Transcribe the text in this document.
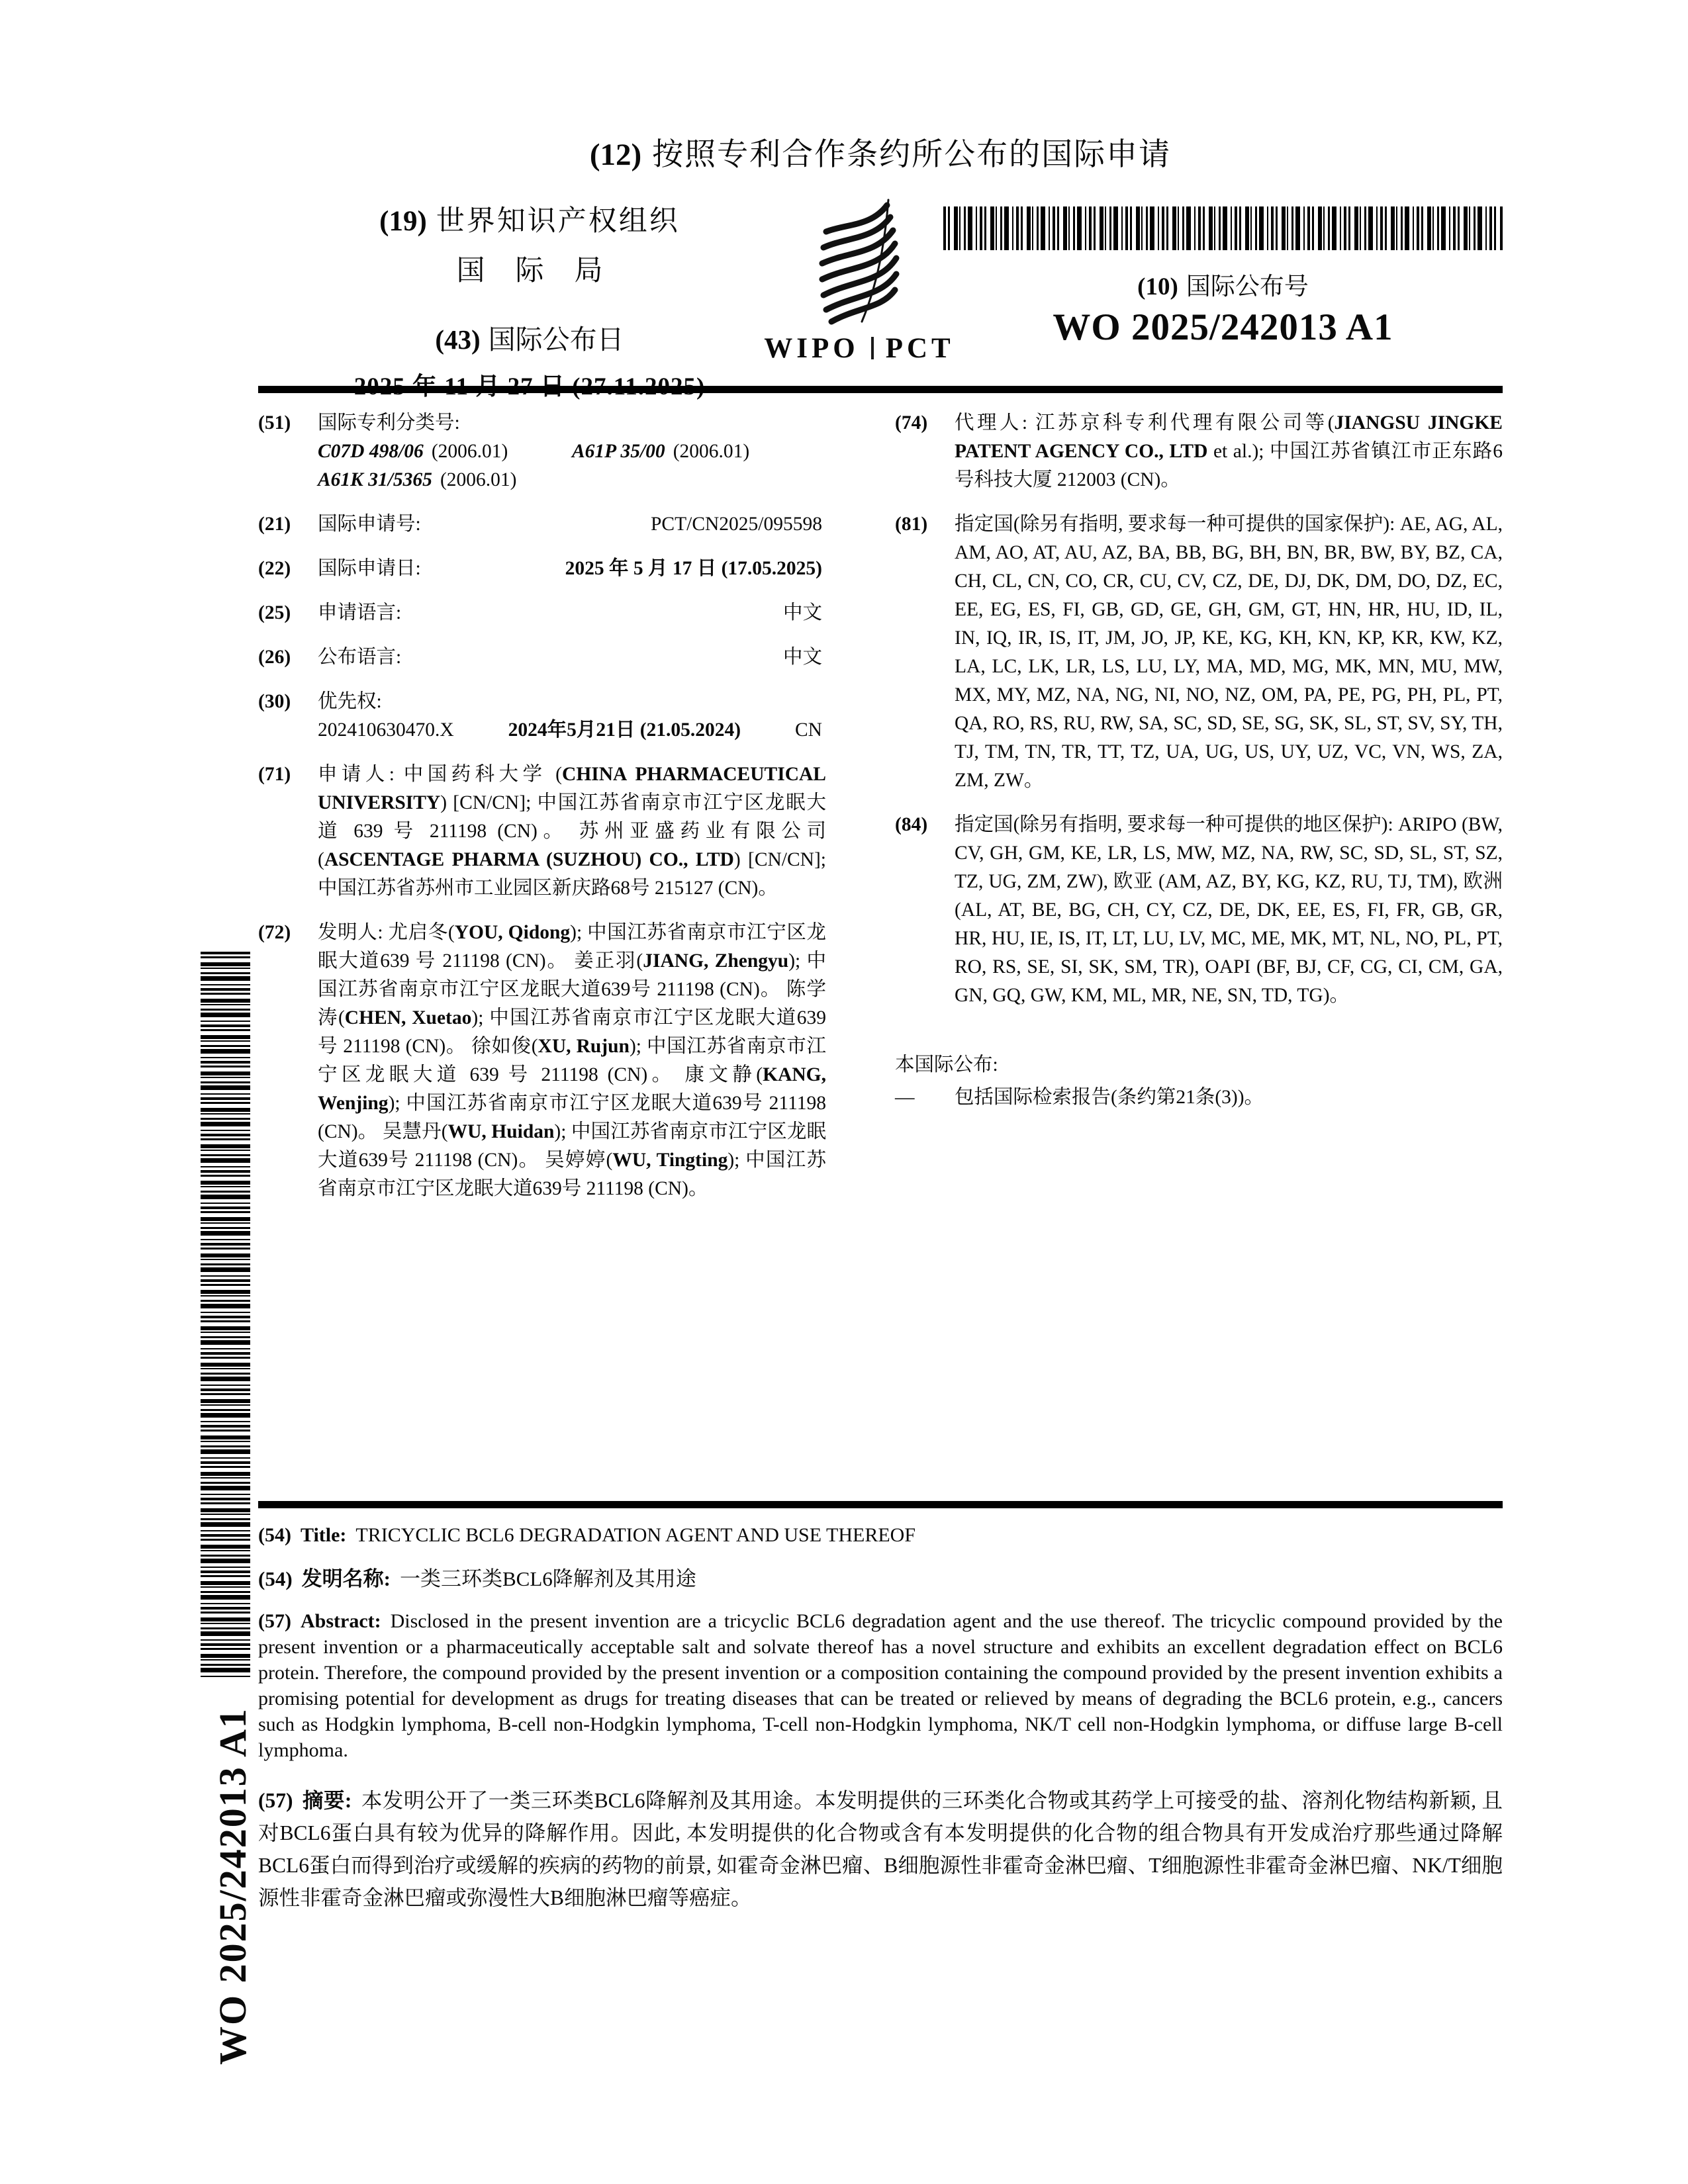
(12) 按照专利合作条约所公布的国际申请
(19) 世界知识产权组织
国际局
(43) 国际公布日	WIPO PCT
(10) 国际公布号
WO 2025/242013 A1
(51)	国际专利分类号:
C07D 498/06 (2006.01)	A61P 35/00 (2006.01)
A61K 31/5365 (2006.01)
(21)	国际申请号:	PCT/CN2025/095598
(22)	国际申请日:	2025 年 5 月 17 日 (17.05.2025)
(25)	申请语言:	中文
(26)	公布语言:	中文
(30)	优先权:
202410630470.X	2024年5月21日 (21.05.2024)	CN
(71)	申请人: 中国药科大学 (CHINA PHARMACEUTICAL UNIVERSITY) [CN/CN]; 中国江苏省南京市江宁区龙眠大道 639 号 211198 (CN)。 苏州亚盛药业有限公司 (ASCENTAGE PHARMA (SUZHOU) CO., LTD) [CN/CN]; 中国江苏省苏州市工业园区新庆路68号 215127 (CN)。
(72)	发明人: 尤启冬(YOU, Qidong); 中国江苏省南京市江宁区龙眠大道639 号 211198 (CN)。 姜正羽(JIANG, Zhengyu); 中国江苏省南京市江宁区龙眠大道639号 211198 (CN)。 陈学涛(CHEN, Xuetao); 中国江苏省南京市江宁区龙眠大道639号 211198 (CN)。 徐如俊(XU, Rujun); 中国江苏省南京市江宁区龙眠大道 639 号 211198 (CN)。 康文静(KANG, Wenjing); 中国江苏省南京市江宁区龙眠大道639号 211198 (CN)。 吴慧丹(WU, Huidan); 中国江苏省南京市江宁区龙眠大道639号 211198 (CN)。 吴婷婷(WU, Tingting); 中国江苏省南京市江宁区龙眠大道639号 211198 (CN)。
(74)	代理人: 江苏京科专利代理有限公司等(JIANGSU JINGKE PATENT AGENCY CO., LTD et al.); 中国江苏省镇江市正东路6号科技大厦 212003 (CN)。
(81)	指定国(除另有指明, 要求每一种可提供的国家保护): AE, AG, AL, AM, AO, AT, AU, AZ, BA, BB, BG, BH, BN, BR, BW, BY, BZ, CA, CH, CL, CN, CO, CR, CU, CV, CZ, DE, DJ, DK, DM, DO, DZ, EC, EE, EG, ES, FI, GB, GD, GE, GH, GM, GT, HN, HR, HU, ID, IL, IN, IQ, IR, IS, IT, JM, JO, JP, KE, KG, KH, KN, KP, KR, KW, KZ, LA, LC, LK, LR, LS, LU, LY, MA, MD, MG, MK, MN, MU, MW, MX, MY, MZ, NA, NG, NI, NO, NZ, OM, PA, PE, PG, PH, PL, PT, QA, RO, RS, RU, RW, SA, SC, SD, SE, SG, SK, SL, ST, SV, SY, TH, TJ, TM, TN, TR, TT, TZ, UA, UG, US, UY, UZ, VC, VN, WS, ZA, ZM, ZW。
(84)	指定国(除另有指明, 要求每一种可提供的地区保护): ARIPO (BW, CV, GH, GM, KE, LR, LS, MW, MZ, NA, RW, SC, SD, SL, ST, SZ, TZ, UG, ZM, ZW), 欧亚 (AM, AZ, BY, KG, KZ, RU, TJ, TM), 欧洲 (AL, AT, BE, BG, CH, CY, CZ, DE, DK, EE, ES, FI, FR, GB, GR, HR, HU, IE, IS, IT, LT, LU, LV, MC, ME, MK, MT, NL, NO, PL, PT, RO, RS, SE, SI, SK, SM, TR), OAPI (BF, BJ, CF, CG, CI, CM, GA, GN, GQ, GW, KM, ML, MR, NE, SN, TD, TG)。
本国际公布:
—	包括国际检索报告(条约第21条(3))。
(54) Title: TRICYCLIC BCL6 DEGRADATION AGENT AND USE THEREOF
(54) 发明名称: 一类三环类BCL6降解剂及其用途
(57) Abstract: Disclosed in the present invention are a tricyclic BCL6 degradation agent and the use thereof. The tricyclic compound provided by the present invention or a pharmaceutically acceptable salt and solvate thereof has a novel structure and exhibits an excellent degradation effect on BCL6 protein. Therefore, the compound provided by the present invention or a composition containing the compound provided by the present invention exhibits a promising potential for development as drugs for treating diseases that can be treated or relieved by means of degrading the BCL6 protein, e.g., cancers such as Hodgkin lymphoma, B-cell non-Hodgkin lymphoma, T-cell non-Hodgkin lymphoma, NK/T cell non-Hodgkin lymphoma, or diffuse large B-cell lymphoma.
(57) 摘要: 本发明公开了一类三环类BCL6降解剂及其用途。本发明提供的三环类化合物或其药学上可接受的盐、溶剂化物结构新颖, 且对BCL6蛋白具有较为优异的降解作用。因此, 本发明提供的化合物或含有本发明提供的化合物的组合物具有开发成治疗那些通过降解BCL6蛋白而得到治疗或缓解的疾病的药物的前景, 如霍奇金淋巴瘤、B细胞源性非霍奇金淋巴瘤、T细胞源性非霍奇金淋巴瘤、NK/T细胞源性非霍奇金淋巴瘤或弥漫性大B细胞淋巴瘤等癌症。
WO 2025/242013 A1
